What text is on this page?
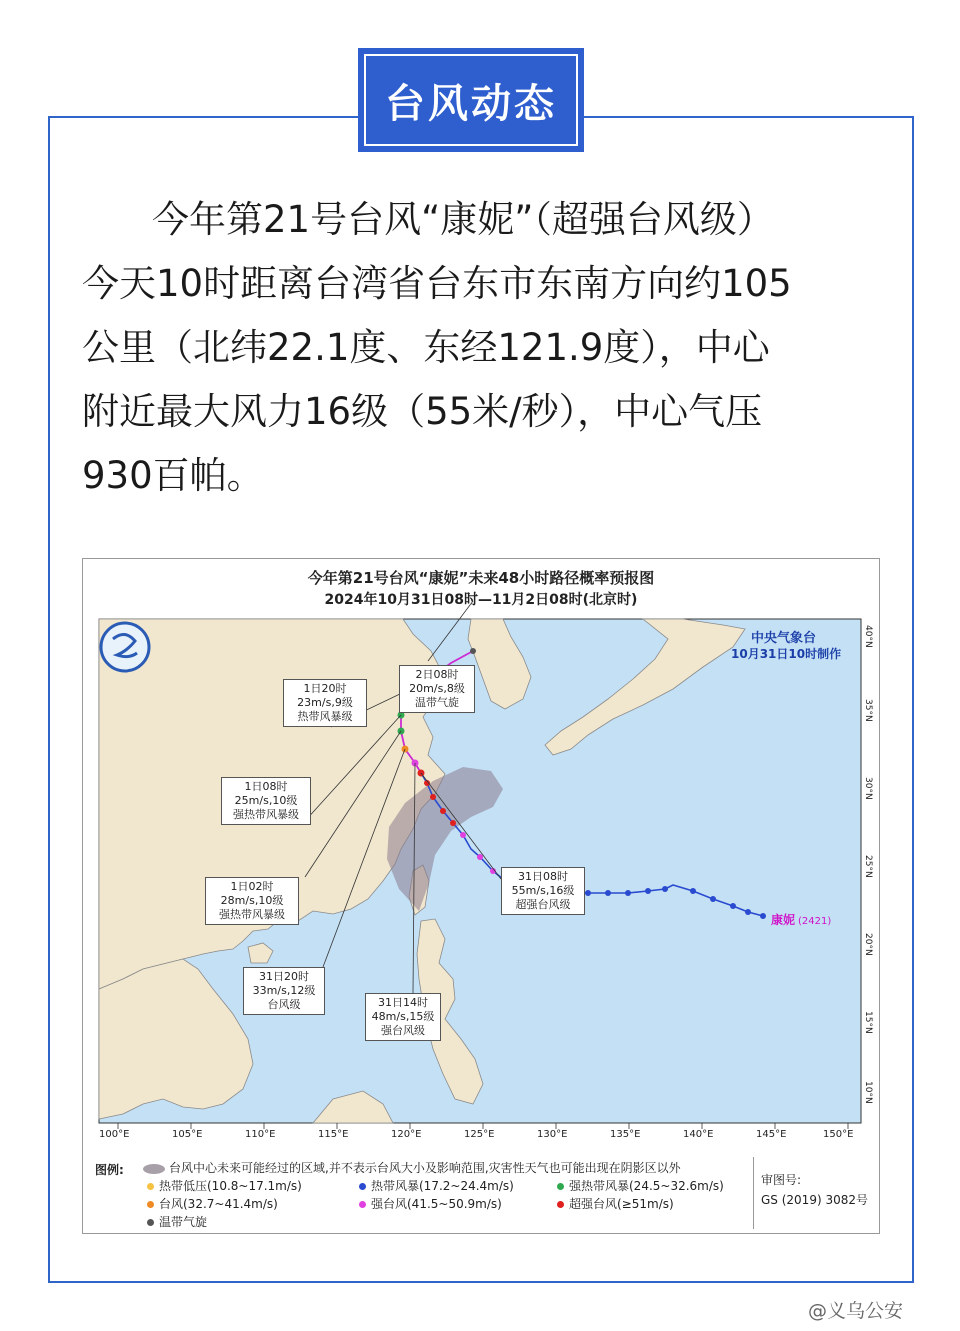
台风动态
今年第21号台风“康妮”（超强台风级）
今天10时距离台湾省台东市东南方向约105
公里（北纬22.1度、东经121.9度），中心
附近最大风力16级（55米/秒），中心气压
930百帕。
今年第21号台风“康妮”未来48小时路径概率预报图
2024年10月31日08时—11月2日08时(北京时)
中央气象台
10月31日10时制作
2日08时
20m/s,8级
温带气旋
1日20时
23m/s,9级
热带风暴级
1日08时
25m/s,10级
强热带风暴级
1日02时
28m/s,10级
强热带风暴级
31日20时
33m/s,12级
台风级	31日14时
48m/s,15级
强台风级
31日08时
55m/s,16级
超强台风级
康妮 (2421)
100°E	105°E	110°E	115°E	120°E	125°E	130°E	135°E	140°E	145°E	150°E
40°N
35°N
30°N
25°N
20°N
15°N
10°N
图例:	台风中心未来可能经过的区域,并不表示台风大小及影响范围,灾害性天气也可能出现在阴影区以外
热带低压(10.8~17.1m/s)	热带风暴(17.2~24.4m/s)	强热带风暴(24.5~32.6m/s)
台风(32.7~41.4m/s)	强台风(41.5~50.9m/s)	超强台风(≥51m/s)
温带气旋
审图号:
GS (2019) 3082号
@义乌公安
